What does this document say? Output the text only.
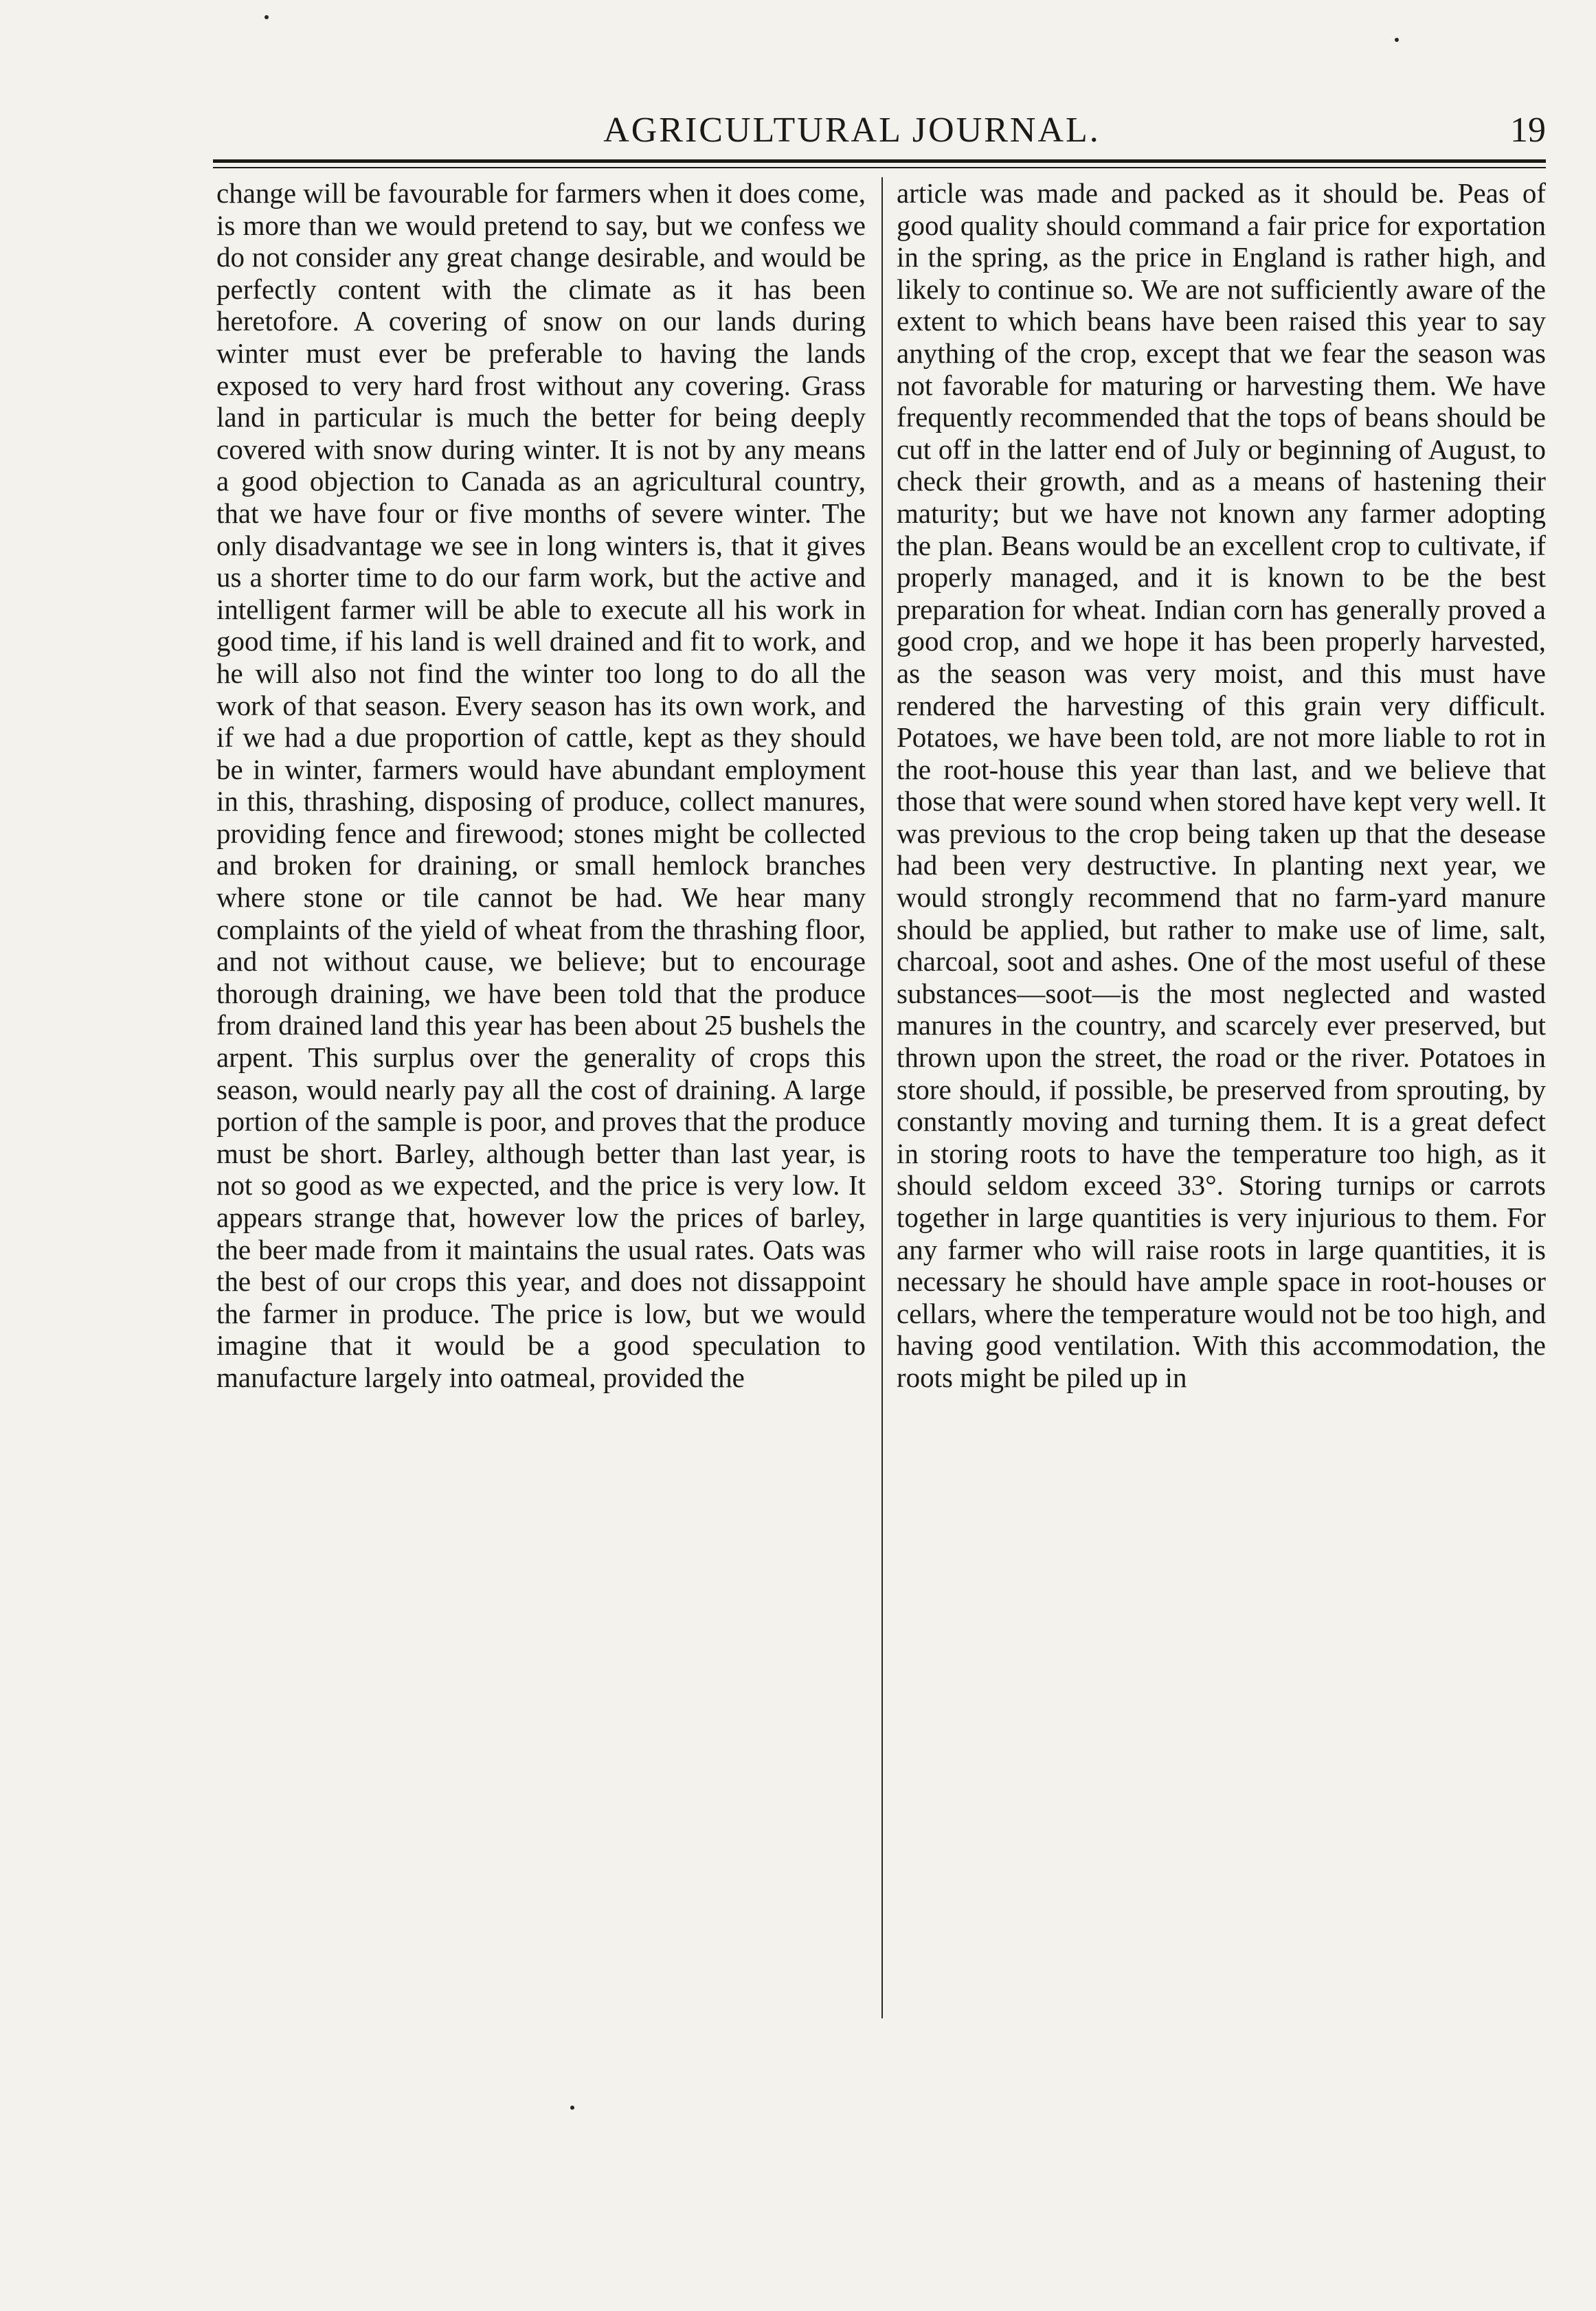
AGRICULTURAL JOURNAL.	19
change will be favourable for farmers when it does come, is more than we would pretend to say, but we confess we do not consider any great change desirable, and would be perfectly content with the climate as it has been heretofore. A covering of snow on our lands during winter must ever be preferable to having the lands exposed to very hard frost without any covering. Grass land in particular is much the better for being deeply covered with snow during winter. It is not by any means a good objection to Canada as an agricultural country, that we have four or five months of severe winter. The only disadvantage we see in long winters is, that it gives us a shorter time to do our farm work, but the active and intelligent farmer will be able to execute all his work in good time, if his land is well drained and fit to work, and he will also not find the winter too long to do all the work of that season. Every season has its own work, and if we had a due proportion of cattle, kept as they should be in winter, farmers would have abundant employment in this, thrashing, disposing of produce, collect manures, providing fence and firewood; stones might be collected and broken for draining, or small hemlock branches where stone or tile cannot be had. We hear many complaints of the yield of wheat from the thrashing floor, and not without cause, we believe; but to encourage thorough draining, we have been told that the produce from drained land this year has been about 25 bushels the arpent. This surplus over the generality of crops this season, would nearly pay all the cost of draining. A large portion of the sample is poor, and proves that the produce must be short. Barley, although better than last year, is not so good as we expected, and the price is very low. It appears strange that, however low the prices of barley, the beer made from it maintains the usual rates. Oats was the best of our crops this year, and does not dissappoint the farmer in produce. The price is low, but we would imagine that it would be a good speculation to manufacture largely into oatmeal, provided the
article was made and packed as it should be. Peas of good quality should command a fair price for exportation in the spring, as the price in England is rather high, and likely to continue so. We are not sufficiently aware of the extent to which beans have been raised this year to say anything of the crop, except that we fear the season was not favorable for maturing or harvesting them. We have frequently recommended that the tops of beans should be cut off in the latter end of July or beginning of August, to check their growth, and as a means of hastening their maturity; but we have not known any farmer adopting the plan. Beans would be an excellent crop to cultivate, if properly managed, and it is known to be the best preparation for wheat. Indian corn has generally proved a good crop, and we hope it has been properly harvested, as the season was very moist, and this must have rendered the harvesting of this grain very difficult. Potatoes, we have been told, are not more liable to rot in the root-house this year than last, and we believe that those that were sound when stored have kept very well. It was previous to the crop being taken up that the desease had been very destructive. In planting next year, we would strongly recommend that no farm-yard manure should be applied, but rather to make use of lime, salt, charcoal, soot and ashes. One of the most useful of these substances—soot—is the most neglected and wasted manures in the country, and scarcely ever preserved, but thrown upon the street, the road or the river. Potatoes in store should, if possible, be preserved from sprouting, by constantly moving and turning them. It is a great defect in storing roots to have the temperature too high, as it should seldom exceed 33°. Storing turnips or carrots together in large quantities is very injurious to them. For any farmer who will raise roots in large quantities, it is necessary he should have ample space in root-houses or cellars, where the temperature would not be too high, and having good ventilation. With this accommodation, the roots might be piled up in
